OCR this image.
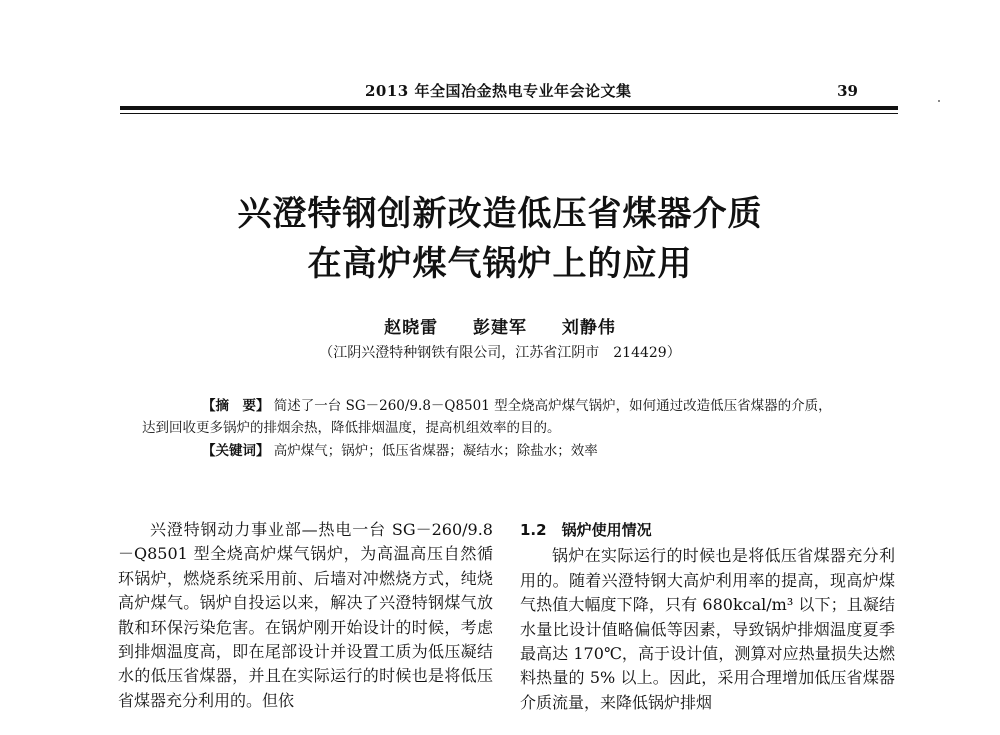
2013 年全国冶金热电专业年会论文集	39
兴澄特钢创新改造低压省煤器介质
在高炉煤气锅炉上的应用
赵晓雷 彭建军 刘静伟
（江阴兴澄特种钢铁有限公司，江苏省江阴市　214429）
【摘　要】 简述了一台 SG－260/9.8－Q8501 型全烧高炉煤气锅炉，如何通过改造低压省煤器的介质，达到回收更多锅炉的排烟余热，降低排烟温度，提高机组效率的目的。
【关键词】 高炉煤气；锅炉；低压省煤器；凝结水；除盐水；效率

兴澄特钢动力事业部—热电一台 SG－260/9.8－Q8501 型全烧高炉煤气锅炉，为高温高压自然循环锅炉，燃烧系统采用前、后墙对冲燃烧方式，纯烧高炉煤气。锅炉自投运以来，解决了兴澄特钢煤气放散和环保污染危害。在锅炉刚开始设计的时候，考虑到排烟温度高，即在尾部设计并设置工质为低压凝结水的低压省煤器，并且在实际运行的时候也是将低压省煤器充分利用的。但依

1.2　锅炉使用情况

锅炉在实际运行的时候也是将低压省煤器充分利用的。随着兴澄特钢大高炉利用率的提高，现高炉煤气热值大幅度下降，只有 680kcal/m³ 以下；且凝结水量比设计值略偏低等因素，导致锅炉排烟温度夏季最高达 170℃，高于设计值，测算对应热量损失达燃料热量的 5% 以上。因此，采用合理增加低压省煤器介质流量，来降低锅炉排烟
